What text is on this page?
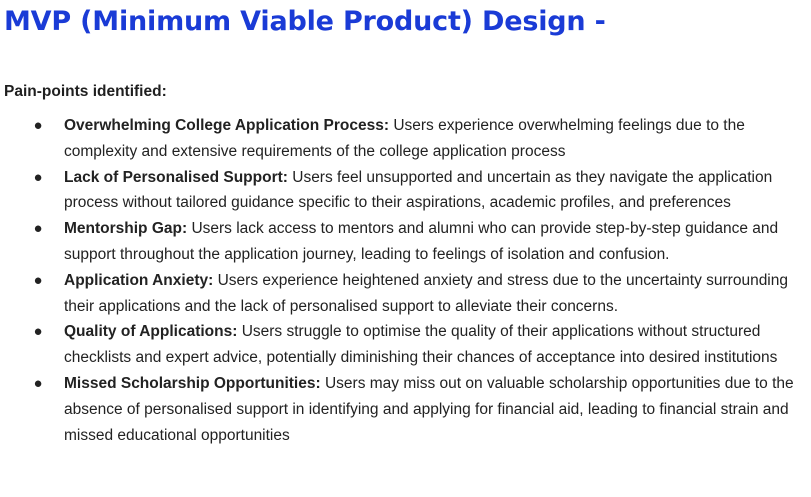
MVP (Minimum Viable Product) Design -
Pain-points identified:
● Overwhelming College Application Process: Users experience overwhelming feelings due to the complexity and extensive requirements of the college application process
● Lack of Personalised Support: Users feel unsupported and uncertain as they navigate the application process without tailored guidance specific to their aspirations, academic profiles, and preferences
● Mentorship Gap: Users lack access to mentors and alumni who can provide step-by-step guidance and support throughout the application journey, leading to feelings of isolation and confusion.
● Application Anxiety: Users experience heightened anxiety and stress due to the uncertainty surrounding their applications and the lack of personalised support to alleviate their concerns.
● Quality of Applications: Users struggle to optimise the quality of their applications without structured checklists and expert advice, potentially diminishing their chances of acceptance into desired institutions
● Missed Scholarship Opportunities: Users may miss out on valuable scholarship opportunities due to the absence of personalised support in identifying and applying for financial aid, leading to financial strain and missed educational opportunities
